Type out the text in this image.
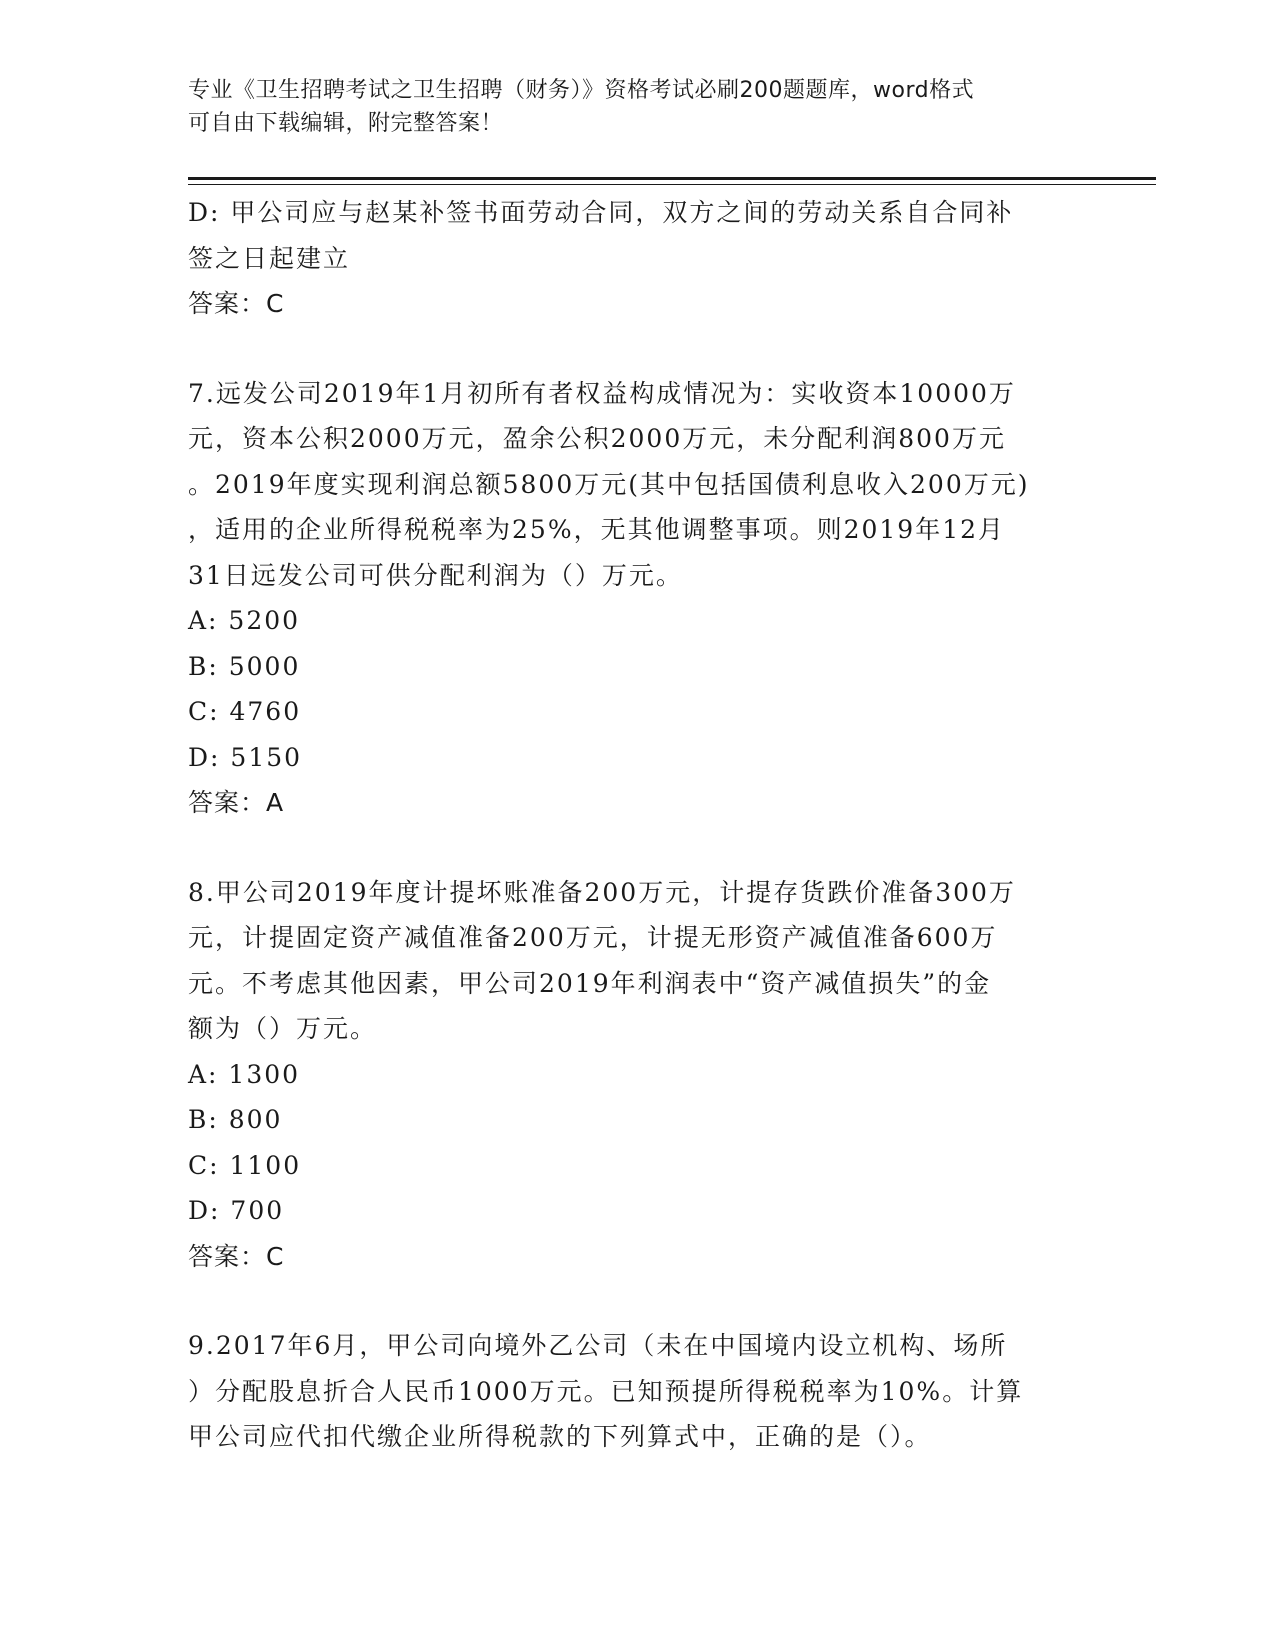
专业《卫生招聘考试之卫生招聘（财务）》资格考试必刷200题题库，word格式
可自由下载编辑，附完整答案！
D: 甲公司应与赵某补签书面劳动合同，双方之间的劳动关系自合同补
签之日起建立
答案：C
7.远发公司2019年1月初所有者权益构成情况为：实收资本10000万
元，资本公积2000万元，盈余公积2000万元，未分配利润800万元
。2019年度实现利润总额5800万元(其中包括国债利息收入200万元)
，适用的企业所得税税率为25%，无其他调整事项。则2019年12月
31日远发公司可供分配利润为（）万元。
A: 5200
B: 5000
C: 4760
D: 5150
答案：A
8.甲公司2019年度计提坏账准备200万元，计提存货跌价准备300万
元，计提固定资产减值准备200万元，计提无形资产减值准备600万
元。不考虑其他因素，甲公司2019年利润表中“资产减值损失”的金
额为（）万元。
A: 1300
B: 800
C: 1100
D: 700
答案：C
9.2017年6月，甲公司向境外乙公司（未在中国境内设立机构、场所
）分配股息折合人民币1000万元。已知预提所得税税率为10%。计算
甲公司应代扣代缴企业所得税款的下列算式中，正确的是（）。
